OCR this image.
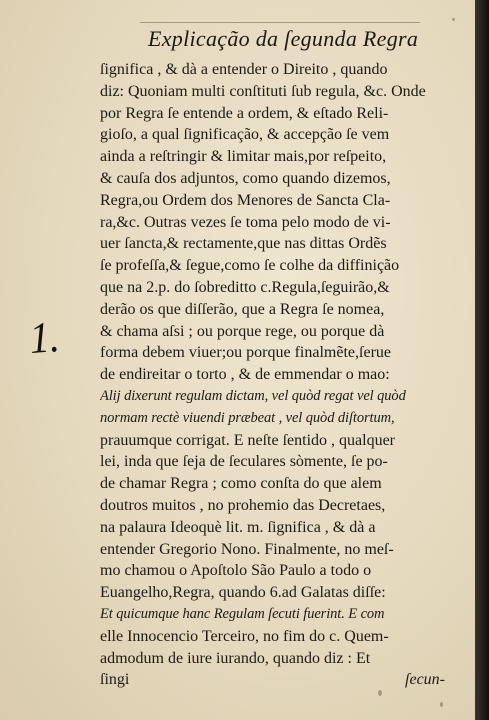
Explicação da ſegunda Regra
1.
ſignifica , & dà a entender o Direito , quando
diz: Quoniam multi conſtituti ſub regula, &c. Onde
por Regra ſe entende a ordem, & eſtado Reli-
gioſo, a qual ſignificação, & accepção ſe vem
ainda a reſtringir & limitar mais,por reſpeito,
& cauſa dos adjuntos, como quando dizemos,
Regra,ou Ordem dos Menores de Sancta Cla-
ra,&c. Outras vezes ſe toma pelo modo de vi-
uer ſancta,& rectamente,que nas dittas Ordẽs
ſe profeſſa,& ſegue,como ſe colhe da diffinição
que na 2.p. do ſobreditto c.Regula,ſeguirão,&
derão os que diſſerão, que a Regra ſe nomea,
& chama aſsi ; ou porque rege, ou porque dà
forma debem viuer;ou porque finalmẽte,ſerue
de endireitar o torto , & de emmendar o mao:
Alij dixerunt regulam dictam, vel quòd regat vel quòd
normam rectè viuendi præbeat , vel quòd diſtortum,
prauumque corrigat. E neſte ſentido , qualquer
lei, inda que ſeja de ſeculares sòmente, ſe po-
de chamar Regra ; como conſta do que alem
doutros muitos , no prohemio das Decretaes,
na palaura Ideoquè lit. m. ſignifica , & dà a
entender Gregorio Nono. Finalmente, no meſ-
mo chamou o Apoſtolo São Paulo a todo o
Euangelho,Regra, quando 6.ad Galatas diſſe:
Et quicumque hanc Regulam ſecuti fuerint. E com
elle Innocencio Terceiro, no fim do c. Quem-
admodum de iure iurando, quando diz : Et
ſingi	ſecun-
